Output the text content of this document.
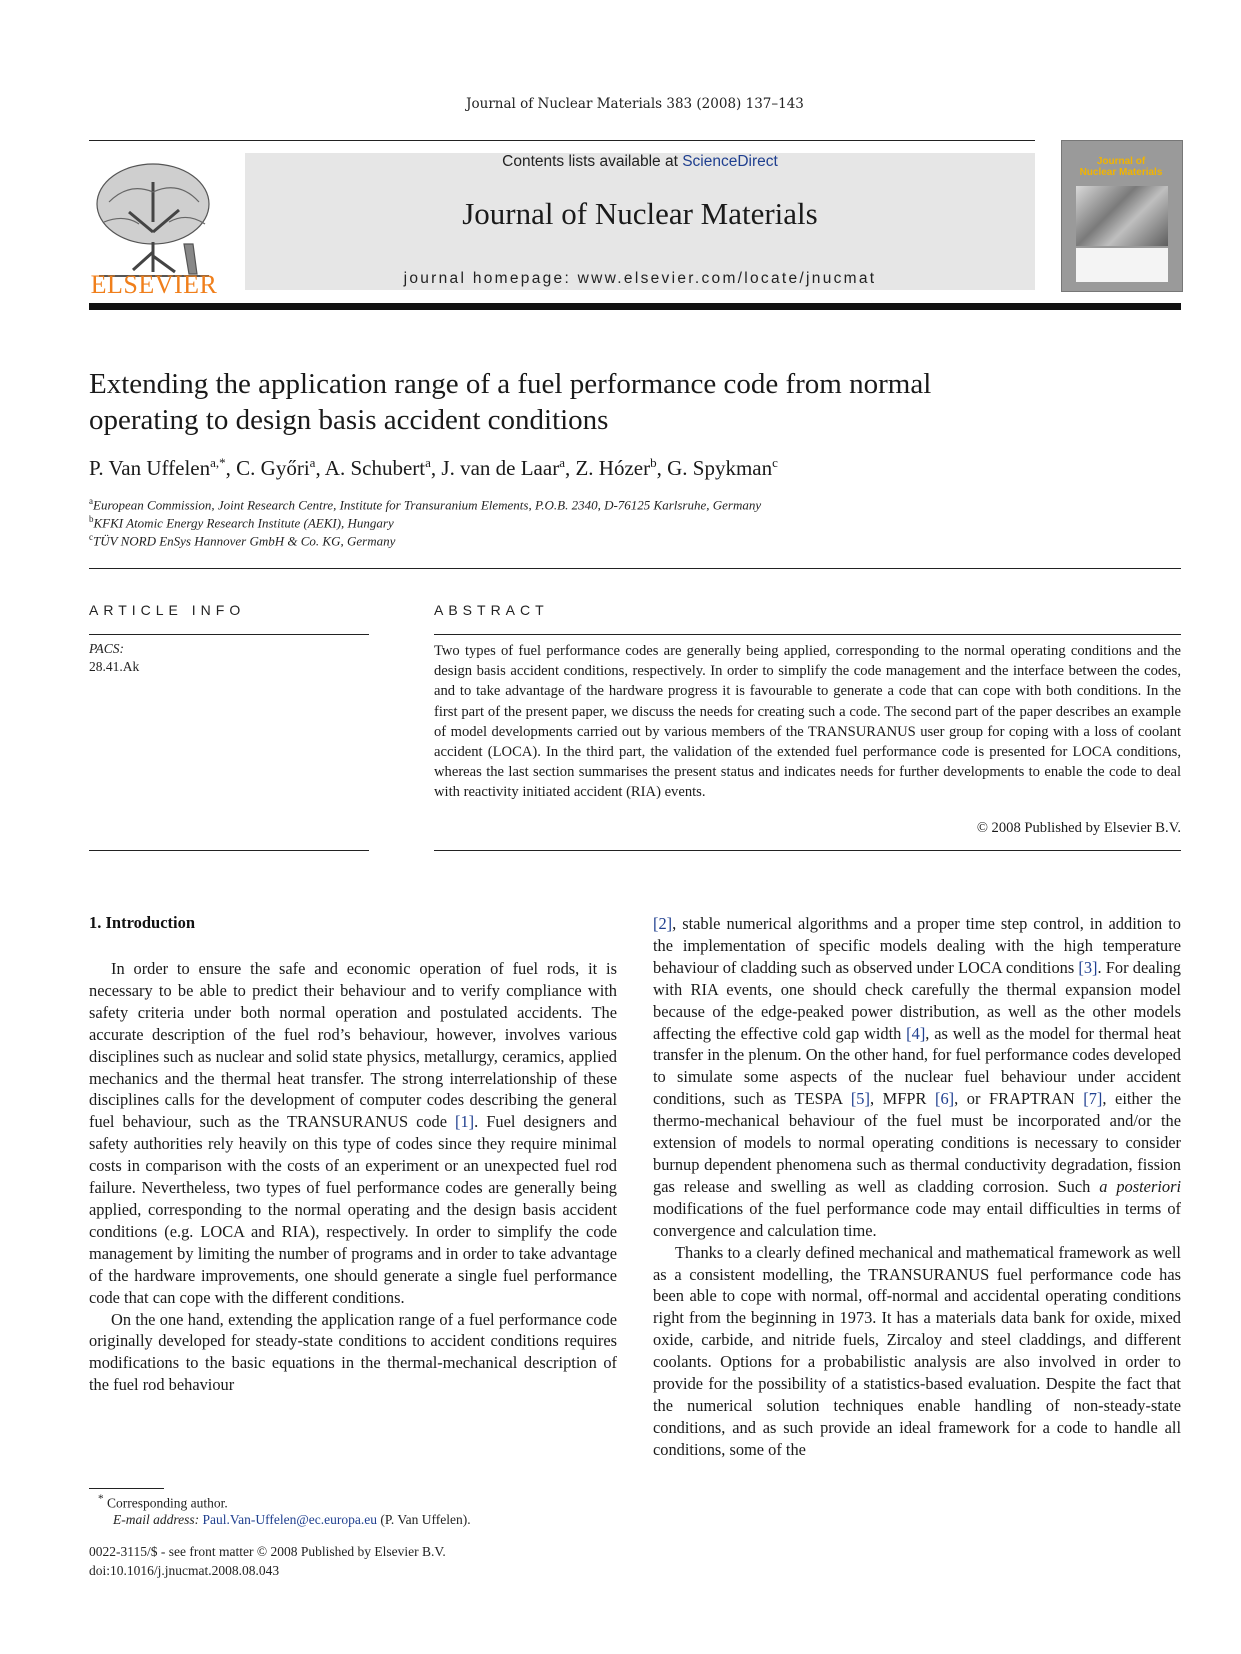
Journal of Nuclear Materials 383 (2008) 137–143
ELSEVIER
Contents lists available at ScienceDirect
Journal of Nuclear Materials
journal homepage: www.elsevier.com/locate/jnucmat
Journal of
Nuclear Materials
Extending the application range of a fuel performance code from normal
operating to design basis accident conditions
P. Van Uffelen$^{a,*}$, C. Győri$^a$, A. Schubert$^a$, J. van de Laar$^a$, Z. Hózer$^b$, G. Spykman$^c$
$^a$European Commission, Joint Research Centre, Institute for Transuranium Elements, P.O.B. 2340, D-76125 Karlsruhe, Germany
$^b$KFKI Atomic Energy Research Institute (AEKI), Hungary
$^c$TÜV NORD EnSys Hannover GmbH & Co. KG, Germany
ARTICLE INFO
PACS:
28.41.Ak
ABSTRACT
Two types of fuel performance codes are generally being applied, corresponding to the normal operating conditions and the design basis accident conditions, respectively. In order to simplify the code management and the interface between the codes, and to take advantage of the hardware progress it is favourable to generate a code that can cope with both conditions. In the first part of the present paper, we discuss the needs for creating such a code. The second part of the paper describes an example of model developments carried out by various members of the TRANSURANUS user group for coping with a loss of coolant accident (LOCA). In the third part, the validation of the extended fuel performance code is presented for LOCA conditions, whereas the last section summarises the present status and indicates needs for further developments to enable the code to deal with reactivity initiated accident (RIA) events.
© 2008 Published by Elsevier B.V.
1. Introduction

In order to ensure the safe and economic operation of fuel rods, it is necessary to be able to predict their behaviour and to verify compliance with safety criteria under both normal operation and postulated accidents. The accurate description of the fuel rod’s behaviour, however, involves various disciplines such as nuclear and solid state physics, metallurgy, ceramics, applied mechanics and the thermal heat transfer. The strong interrelationship of these disciplines calls for the development of computer codes describing the general fuel behaviour, such as the TRANSURANUS code [1]. Fuel designers and safety authorities rely heavily on this type of codes since they require minimal costs in comparison with the costs of an experiment or an unexpected fuel rod failure. Nevertheless, two types of fuel performance codes are generally being applied, corresponding to the normal operating and the design basis accident conditions (e.g. LOCA and RIA), respectively. In order to simplify the code management by limiting the number of programs and in order to take advantage of the hardware improvements, one should generate a single fuel performance code that can cope with the different conditions.

On the one hand, extending the application range of a fuel performance code originally developed for steady-state conditions to accident conditions requires modifications to the basic equations in the thermal-mechanical description of the fuel rod behaviour

[2], stable numerical algorithms and a proper time step control, in addition to the implementation of specific models dealing with the high temperature behaviour of cladding such as observed under LOCA conditions [3]. For dealing with RIA events, one should check carefully the thermal expansion model because of the edge-peaked power distribution, as well as the other models affecting the effective cold gap width [4], as well as the model for thermal heat transfer in the plenum. On the other hand, for fuel performance codes developed to simulate some aspects of the nuclear fuel behaviour under accident conditions, such as TESPA [5], MFPR [6], or FRAPTRAN [7], either the thermo-mechanical behaviour of the fuel must be incorporated and/or the extension of models to normal operating conditions is necessary to consider burnup dependent phenomena such as thermal conductivity degradation, fission gas release and swelling as well as cladding corrosion. Such a posteriori modifications of the fuel performance code may entail difficulties in terms of convergence and calculation time.

Thanks to a clearly defined mechanical and mathematical framework as well as a consistent modelling, the TRANSURANUS fuel performance code has been able to cope with normal, off-normal and accidental operating conditions right from the beginning in 1973. It has a materials data bank for oxide, mixed oxide, carbide, and nitride fuels, Zircaloy and steel claddings, and different coolants. Options for a probabilistic analysis are also involved in order to provide for the possibility of a statistics-based evaluation. Despite the fact that the numerical solution techniques enable handling of non-steady-state conditions, and as such provide an ideal framework for a code to handle all conditions, some of the

* Corresponding author.
E-mail address: Paul.Van-Uffelen@ec.europa.eu (P. Van Uffelen).
0022-3115/$ - see front matter © 2008 Published by Elsevier B.V.
doi:10.1016/j.jnucmat.2008.08.043
